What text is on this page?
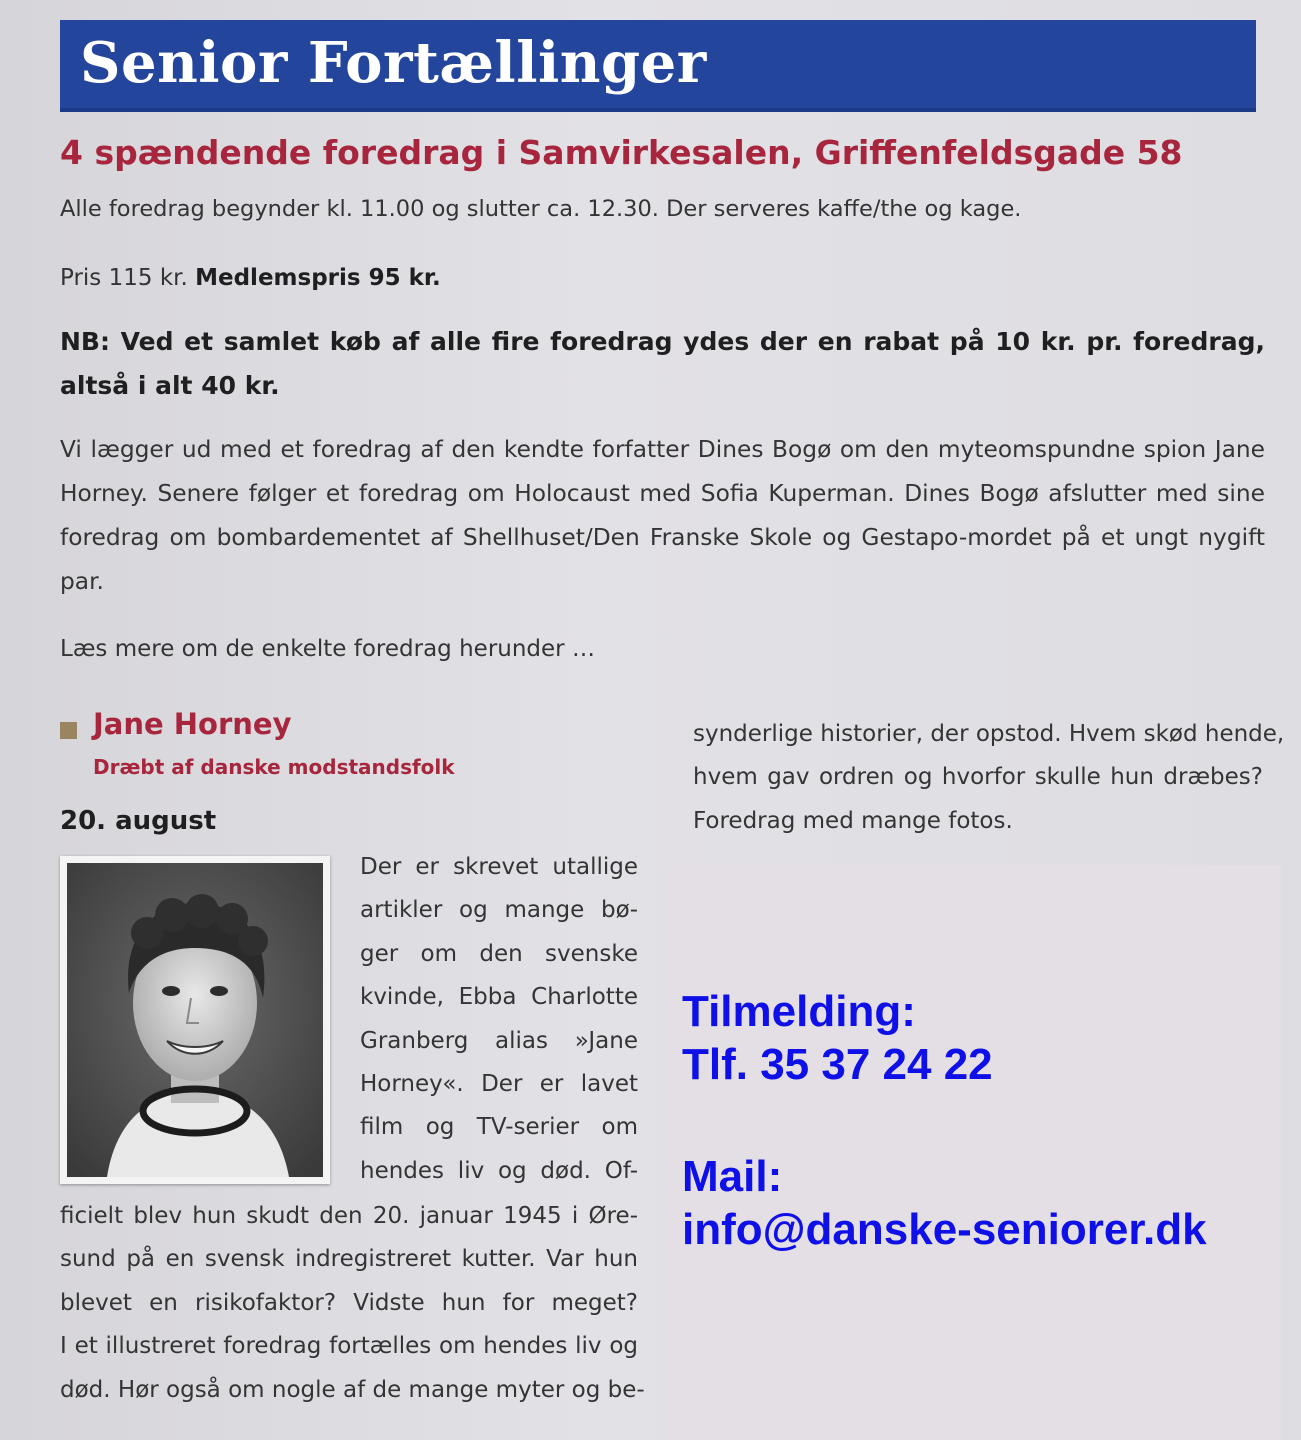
Senior Fortællinger
4 spændende foredrag i Samvirkesalen, Griffenfeldsgade 58

Alle foredrag begynder kl. 11.00 og slutter ca. 12.30. Der serveres kaffe/the og kage.

Pris 115 kr. Medlemspris 95 kr.

NB: Ved et samlet køb af alle fire foredrag ydes der en rabat på 10 kr. pr. foredrag, altså i alt 40 kr.

Vi lægger ud med et foredrag af den kendte forfatter Dines Bogø om den myteomspundne spion Jane Horney. Senere følger et foredrag om Holocaust med Sofia Kuperman. Dines Bogø afslutter med sine foredrag om bombardementet af Shellhuset/Den Franske Skole og Gestapo-mordet på et ungt nygift par.

Læs mere om de enkelte foredrag herunder …

Jane Horney
Dræbt af danske modstandsfolk
20. august
Der er skrevet utallige
artikler og mange bø-
ger om den svenske
kvinde, Ebba Charlotte
Granberg alias »Jane
Horney«. Der er lavet
film og TV-serier om
hendes liv og død. Of-
ficielt blev hun skudt den 20. januar 1945 i Øre-
sund på en svensk indregistreret kutter. Var hun
blevet en risikofaktor? Vidste hun for meget?
I et illustreret foredrag fortælles om hendes liv og
død. Hør også om nogle af de mange myter og be-
synderlige historier, der opstod. Hvem skød hende,
hvem gav ordren og hvorfor skulle hun dræbes?
Foredrag med mange fotos.
Tilmelding:
Tlf. 35 37 24 22
Mail:
info@danske-seniorer.dk
